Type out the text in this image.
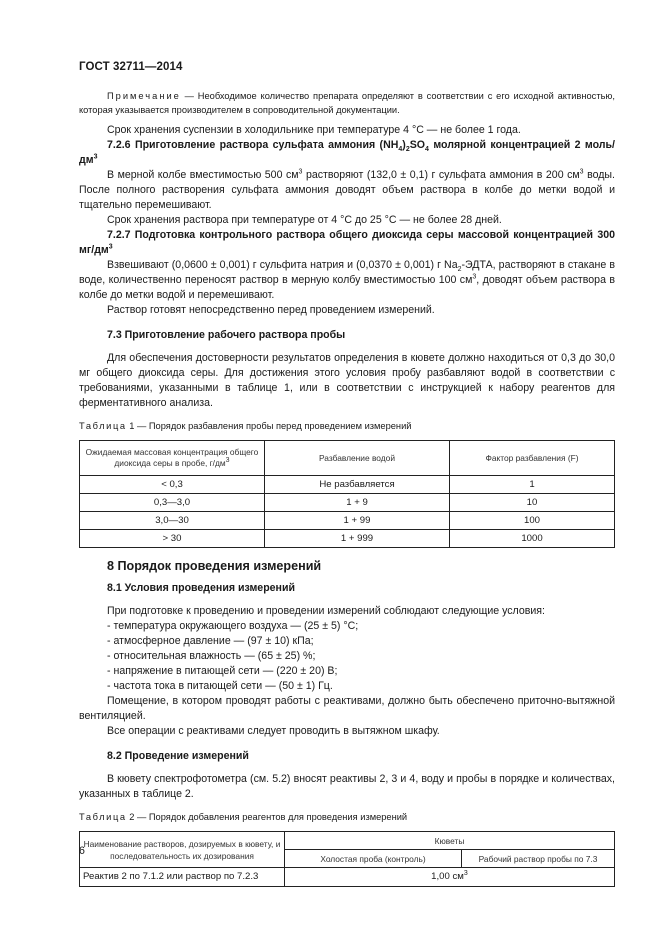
ГОСТ 32711—2014

Примечание — Необходимое количество препарата определяют в соответствии с его исходной активностью, которая указывается производителем в сопроводительной документации.

Срок хранения суспензии в холодильнике при температуре 4 °С — не более 1 года.

7.2.6 Приготовление раствора сульфата аммония $(NH_4)_2SO_4$ молярной концентрацией 2 моль/$дм^3$

В мерной колбе вместимостью 500 $см^3$ растворяют (132,0 ± 0,1) г сульфата аммония в 200 $см^3$ воды. После полного растворения сульфата аммония доводят объем раствора в колбе до метки водой и тщательно перемешивают.

Срок хранения раствора при температуре от 4 °С до 25 °С — не более 28 дней.

7.2.7 Подготовка контрольного раствора общего диоксида серы массовой концентрацией 300 $мг/дм^3$

Взвешивают (0,0600 ± 0,001) г сульфита натрия и (0,0370 ± 0,001) г $Na_2$-ЭДТА, растворяют в стакане в воде, количественно переносят раствор в мерную колбу вместимостью 100 $см^3$, доводят объем раствора в колбе до метки водой и перемешивают.

Раствор готовят непосредственно перед проведением измерений.

7.3 Приготовление рабочего раствора пробы

Для обеспечения достоверности результатов определения в кювете должно находиться от 0,3 до 30,0 мг общего диоксида серы. Для достижения этого условия пробу разбавляют водой в соответствии с требованиями, указанными в таблице 1, или в соответствии с инструкцией к набору реагентов для ферментативного анализа.

Таблица 1 — Порядок разбавления пробы перед проведением измерений

Ожидаемая массовая концентрация общего диоксида серы в пробе, $г/дм^3$	Разбавление водой	Фактор разбавления (F)
< 0,3	Не разбавляется	1
0,3—3,0	1 + 9	10
3,0—30	1 + 99	100
> 30	1 + 999	1000

8 Порядок проведения измерений

8.1 Условия проведения измерений

При подготовке к проведению и проведении измерений соблюдают следующие условия:

- температура окружающего воздуха — (25 ± 5) °С;

- атмосферное давление — (97 ± 10) кПа;

- относительная влажность — (65 ± 25) %;

- напряжение в питающей сети — (220 ± 20) В;

- частота тока в питающей сети — (50 ± 1) Гц.

Помещение, в котором проводят работы с реактивами, должно быть обеспечено приточно-вытяжной вентиляцией.

Все операции с реактивами следует проводить в вытяжном шкафу.

8.2 Проведение измерений

В кювету спектрофотометра (см. 5.2) вносят реактивы 2, 3 и 4, воду и пробы в порядке и количествах, указанных в таблице 2.

Таблица 2 — Порядок добавления реагентов для проведения измерений

Наименование растворов, дозируемых в кювету, и последовательность их дозирования	Кюветы	
	Холостая проба (контроль)	Рабочий раствор пробы по 7.3
Реактив 2 по 7.1.2 или раствор по 7.2.3	1,00 $см^3$
6
